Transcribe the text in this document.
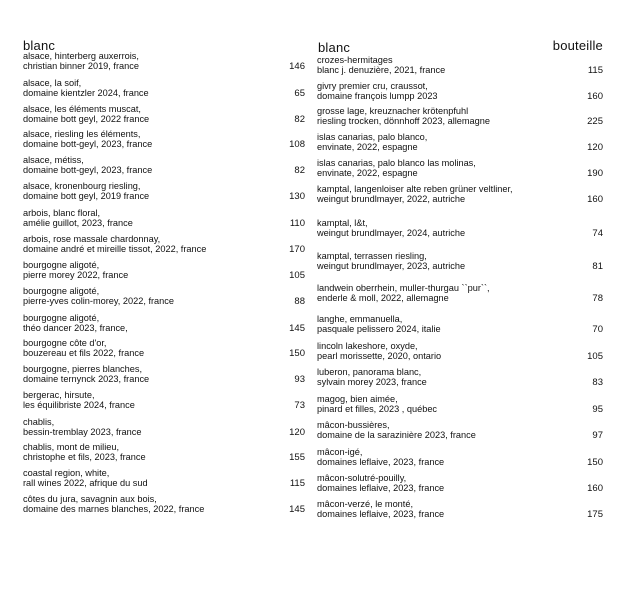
blanc
alsace, hinterberg auxerrois,
christian binner 2019, france	146
alsace, la soif,
domaine kientzler 2024, france	65
alsace, les éléments muscat,
domaine bott geyl, 2022 france	82
alsace, riesling les éléments,
domaine bott-geyl, 2023, france	108
alsace, métiss,
domaine bott-geyl, 2023, france	82
alsace, kronenbourg riesling,
domaine bott geyl, 2019 france	130
arbois, blanc floral,
amélie guillot, 2023, france	110
arbois, rose massale chardonnay,
domaine andré et mireille tissot, 2022, france	170
bourgogne aligoté,
pierre morey 2022, france	105
bourgogne aligoté,
pierre-yves colin-morey, 2022, france	88
bourgogne aligoté,
théo dancer 2023, france,	145
bourgogne côte d'or,
bouzereau et fils 2022, france	150
bourgogne, pierres blanches,
domaine ternynck 2023, france	93
bergerac, hirsute,
les équilibriste 2024, france	73
chablis,
bessin-tremblay 2023, france	120
chablis, mont de milieu,
christophe et fils, 2023, france	155
coastal region, white,
rall wines 2022, afrique du sud	115
côtes du jura, savagnin aux bois,
domaine des marnes blanches, 2022, france	145
blanc	bouteille
crozes-hermitages
blanc j. denuzière, 2021, france	115
givry premier cru, craussot,
domaine françois lumpp 2023	160
grosse lage, kreuznacher krötenpfuhl
riesling trocken, dönnhoff 2023, allemagne	225
islas canarias, palo blanco,
envinate, 2022, espagne	120
islas canarias, palo blanco las molinas,
envinate, 2022, espagne	190
kamptal, langenloiser alte reben grüner veltliner,
weingut brundlmayer, 2022, autriche	160
kamptal, l&t,
weingut brundlmayer, 2024, autriche	74
kamptal, terrassen riesling,
weingut brundlmayer, 2023, autriche	81
landwein oberrhein, muller-thurgau ``pur``,
enderle & moll, 2022, allemagne	78
langhe, emmanuella,
pasquale pelissero 2024, italie	70
lincoln lakeshore, oxyde,
pearl morissette, 2020, ontario	105
luberon, panorama blanc,
sylvain morey 2023, france	83
magog, bien aimée,
pinard et filles, 2023 , québec	95
mâcon-bussières,
domaine de la sarazinière 2023, france	97
mâcon-igé,
domaines leflaive, 2023, france	150
mâcon-solutré-pouilly,
domaines leflaive, 2023, france	160
mâcon-verzé, le monté,
domaines leflaive, 2023, france	175
